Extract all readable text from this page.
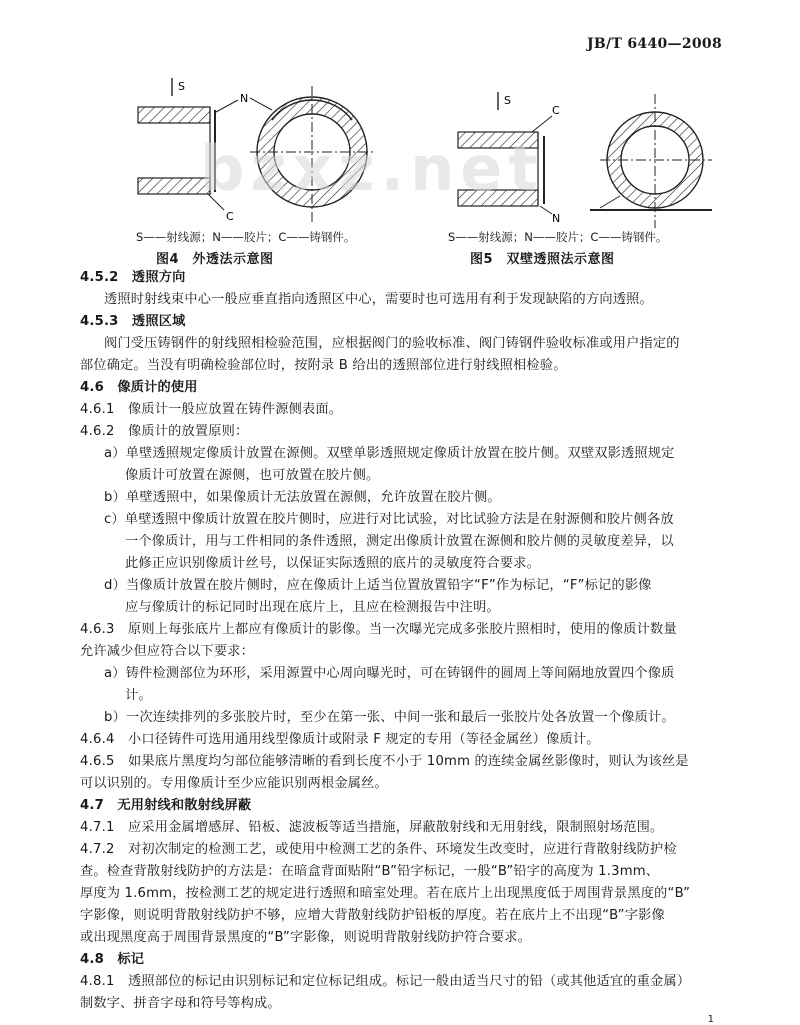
JB/T 6440—2008
S
N
C
S——射线源；N——胶片；C——铸钢件。
图4　外透法示意图
S
C
N
S——射线源；N——胶片；C——铸钢件。
图5　双壁透照法示意图
bzxz.net
4.5.2　透照方向
透照时射线束中心一般应垂直指向透照区中心，需要时也可选用有利于发现缺陷的方向透照。
4.5.3　透照区域
阀门受压铸钢件的射线照相检验范围，应根据阀门的验收标准、阀门铸钢件验收标准或用户指定的
部位确定。当没有明确检验部位时，按附录 B 给出的透照部位进行射线照相检验。
4.6　像质计的使用
4.6.1　像质计一般应放置在铸件源侧表面。
4.6.2　像质计的放置原则：
a）单壁透照规定像质计放置在源侧。双壁单影透照规定像质计放置在胶片侧。双壁双影透照规定
像质计可放置在源侧，也可放置在胶片侧。
b）单壁透照中，如果像质计无法放置在源侧，允许放置在胶片侧。
c）单壁透照中像质计放置在胶片侧时，应进行对比试验，对比试验方法是在射源侧和胶片侧各放
一个像质计，用与工件相同的条件透照，测定出像质计放置在源侧和胶片侧的灵敏度差异，以
此修正应识别像质计丝号，以保证实际透照的底片的灵敏度符合要求。
d）当像质计放置在胶片侧时，应在像质计上适当位置放置铅字“F”作为标记，“F”标记的影像
应与像质计的标记同时出现在底片上，且应在检测报告中注明。
4.6.3　原则上每张底片上都应有像质计的影像。当一次曝光完成多张胶片照相时，使用的像质计数量
允许减少但应符合以下要求：
a）铸件检测部位为环形，采用源置中心周向曝光时，可在铸钢件的圆周上等间隔地放置四个像质
计。
b）一次连续排列的多张胶片时，至少在第一张、中间一张和最后一张胶片处各放置一个像质计。
4.6.4　小口径铸件可选用通用线型像质计或附录 F 规定的专用（等径金属丝）像质计。
4.6.5　如果底片黑度均匀部位能够清晰的看到长度不小于 10mm 的连续金属丝影像时，则认为该丝是
可以识别的。专用像质计至少应能识别两根金属丝。
4.7　无用射线和散射线屏蔽
4.7.1　应采用金属增感屏、铅板、滤波板等适当措施，屏蔽散射线和无用射线，限制照射场范围。
4.7.2　对初次制定的检测工艺，或使用中检测工艺的条件、环境发生改变时，应进行背散射线防护检
查。检查背散射线防护的方法是：在暗盒背面贴附“B”铅字标记，一般“B”铅字的高度为 1.3mm、
厚度为 1.6mm，按检测工艺的规定进行透照和暗室处理。若在底片上出现黑度低于周围背景黑度的“B”
字影像，则说明背散射线防护不够，应增大背散射线防护铅板的厚度。若在底片上不出现“B”字影像
或出现黑度高于周围背景黑度的“B”字影像，则说明背散射线防护符合要求。
4.8　标记
4.8.1　透照部位的标记由识别标记和定位标记组成。标记一般由适当尺寸的铅（或其他适宜的重金属）
制数字、拼音字母和符号等构成。
1
